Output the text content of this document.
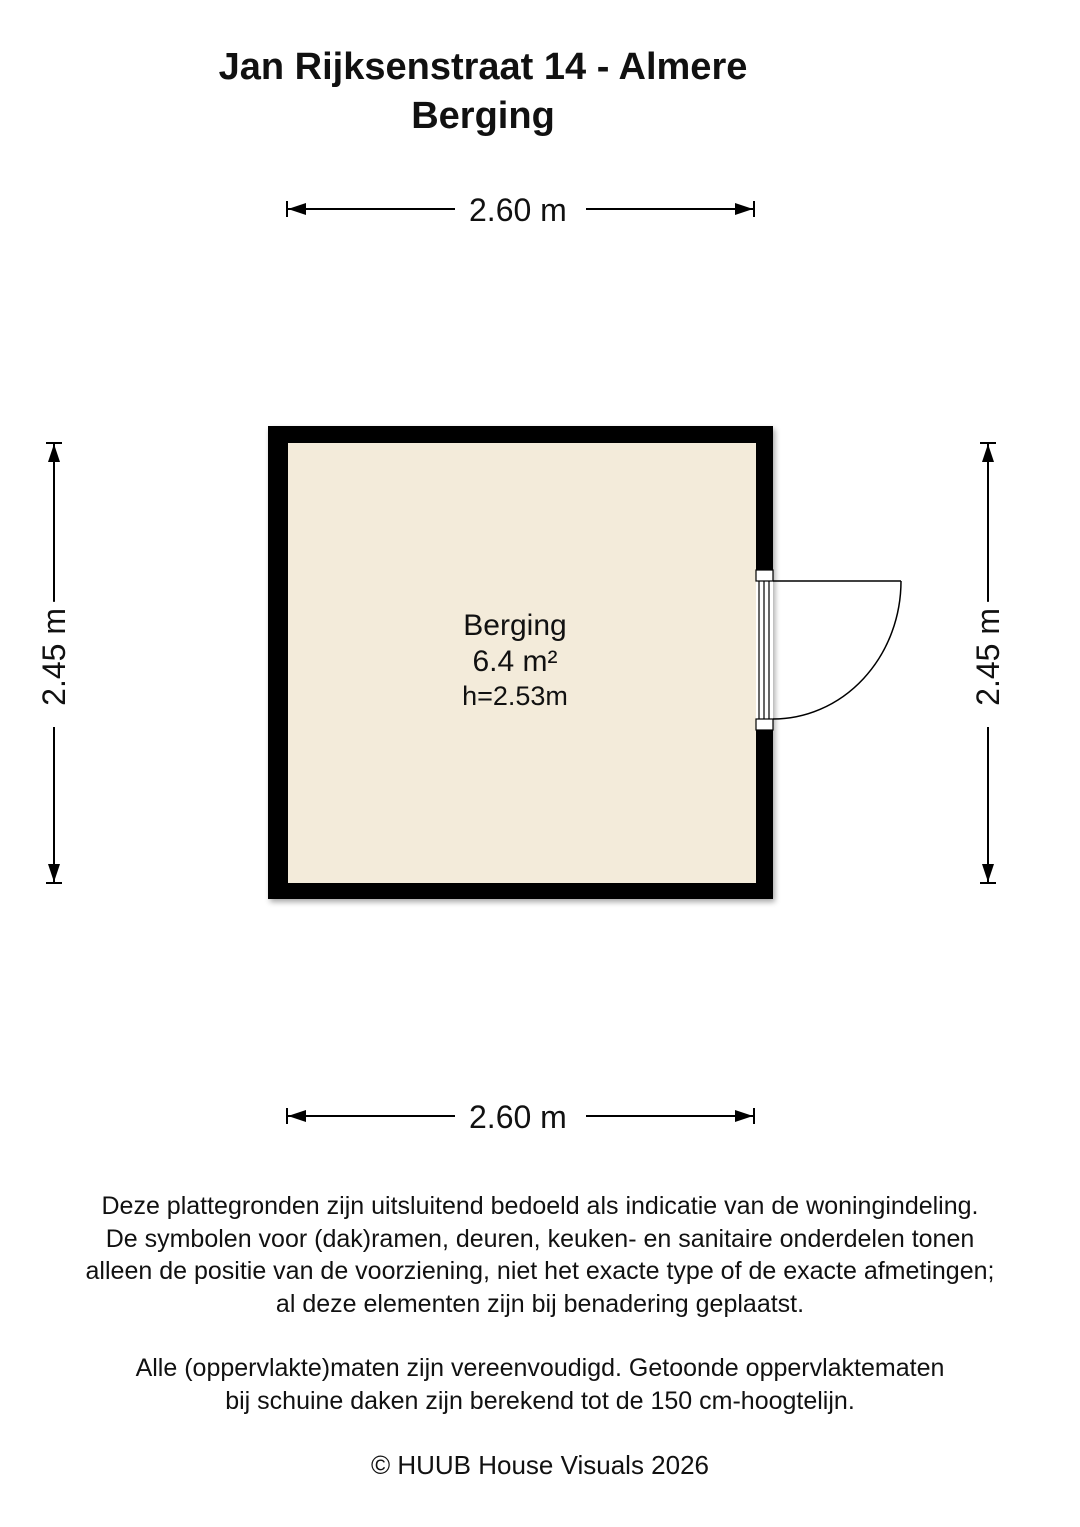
Jan Rijksenstraat 14 - Almere
Berging
2.60 m
2.60 m
2.45 m	2.45 m
Berging
6.4 m²
h=2.53m
Deze plattegronden zijn uitsluitend bedoeld als indicatie van de woningindeling.
De symbolen voor (dak)ramen, deuren, keuken- en sanitaire onderdelen tonen
alleen de positie van de voorziening, niet het exacte type of de exacte afmetingen;
al deze elementen zijn bij benadering geplaatst.
Alle (oppervlakte)maten zijn vereenvoudigd. Getoonde oppervlaktematen
bij schuine daken zijn berekend tot de 150 cm-hoogtelijn.
© HUUB House Visuals 2026
